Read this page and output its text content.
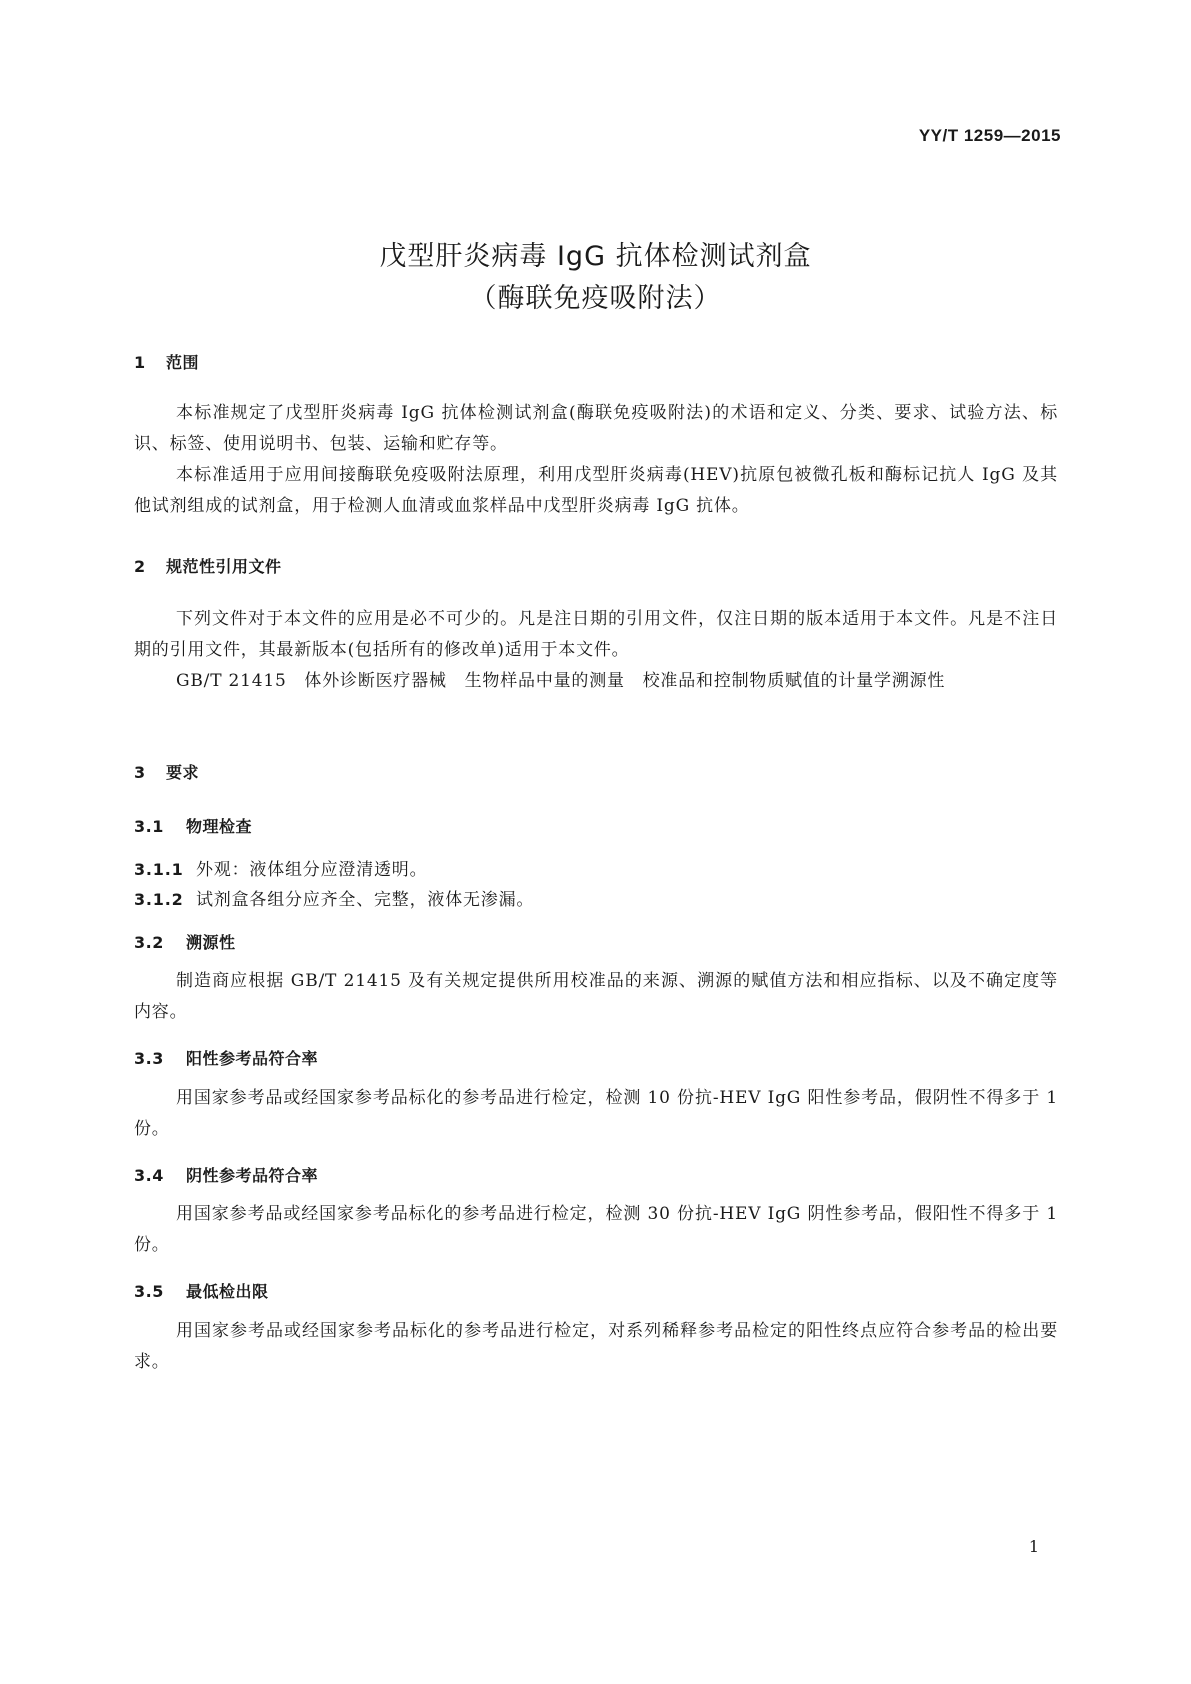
YY/T 1259—2015
戊型肝炎病毒 IgG 抗体检测试剂盒
（酶联免疫吸附法）
1 范围
本标准规定了戊型肝炎病毒 IgG 抗体检测试剂盒(酶联免疫吸附法)的术语和定义、分类、要求、试验方法、标识、标签、使用说明书、包装、运输和贮存等。
本标准适用于应用间接酶联免疫吸附法原理，利用戊型肝炎病毒(HEV)抗原包被微孔板和酶标记抗人 IgG 及其他试剂组成的试剂盒，用于检测人血清或血浆样品中戊型肝炎病毒 IgG 抗体。
2 规范性引用文件
下列文件对于本文件的应用是必不可少的。凡是注日期的引用文件，仅注日期的版本适用于本文件。凡是不注日期的引用文件，其最新版本(包括所有的修改单)适用于本文件。
GB/T 21415　体外诊断医疗器械　生物样品中量的测量　校准品和控制物质赋值的计量学溯源性
3 要求
3.1 物理检查
3.1.1 外观：液体组分应澄清透明。
3.1.2 试剂盒各组分应齐全、完整，液体无渗漏。
3.2 溯源性
制造商应根据 GB/T 21415 及有关规定提供所用校准品的来源、溯源的赋值方法和相应指标、以及不确定度等内容。
3.3 阳性参考品符合率
用国家参考品或经国家参考品标化的参考品进行检定，检测 10 份抗-HEV IgG 阳性参考品，假阴性不得多于 1 份。
3.4 阴性参考品符合率
用国家参考品或经国家参考品标化的参考品进行检定，检测 30 份抗-HEV IgG 阴性参考品，假阳性不得多于 1 份。
3.5 最低检出限
用国家参考品或经国家参考品标化的参考品进行检定，对系列稀释参考品检定的阳性终点应符合参考品的检出要求。
1
